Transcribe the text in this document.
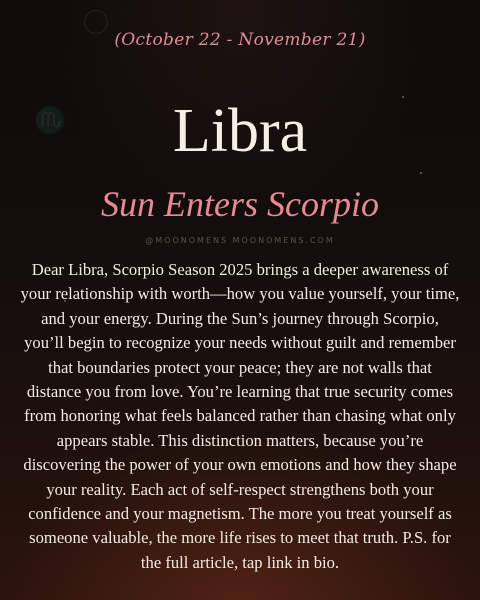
♏
(October 22 - November 21)
Libra
Sun Enters Scorpio
@MOONOMENS MOONOMENS.COM
Dear Libra, Scorpio Season 2025 brings a deeper awareness of your relationship with worth—how you value yourself, your time, and your energy. During the Sun’s journey through Scorpio, you’ll begin to recognize your needs without guilt and remember that boundaries protect your peace; they are not walls that distance you from love. You’re learning that true security comes from honoring what feels balanced rather than chasing what only appears stable. This distinction matters, because you’re discovering the power of your own emotions and how they shape your reality. Each act of self-respect strengthens both your confidence and your magnetism. The more you treat yourself as someone valuable, the more life rises to meet that truth. P.S. for the full article, tap link in bio.
